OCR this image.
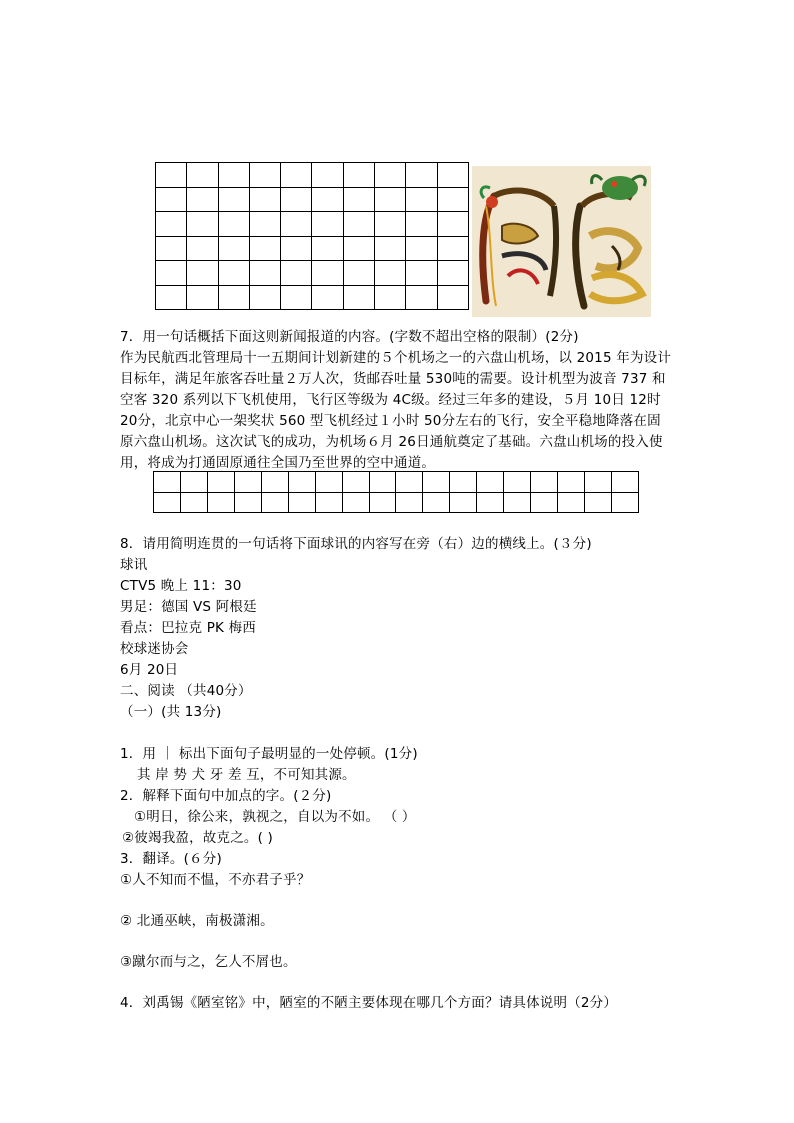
7．用一句话概括下面这则新闻报道的内容。(字数不超出空格的限制）(2分)
作为民航西北管理局十一五期间计划新建的５个机场之一的六盘山机场，以 2015 年为设计
目标年，满足年旅客吞吐量２万人次，货邮吞吐量 530吨的需要。设计机型为波音 737 和
空客 320 系列以下飞机使用，飞行区等级为 4C级。经过三年多的建设，５月 10日 12时
20分，北京中心一架奖状 560 型飞机经过１小时 50分左右的飞行，安全平稳地降落在固
原六盘山机场。这次试飞的成功，为机场６月 26日通航奠定了基础。六盘山机场的投入使
用，将成为打通固原通往全国乃至世界的空中通道。

8．请用简明连贯的一句话将下面球讯的内容写在旁（右）边的横线上。(３分)
球讯
CTV5 晚上 11：30
男足：德国 VS 阿根廷
看点：巴拉克 PK 梅西
校球迷协会
6月 20日
二、阅读 （共40分）
（一）(共 13分)
1．用 ｜ 标出下面句子最明显的一处停顿。(1分)
其 岸 势 犬 牙 差 互，不可知其源。
2．解释下面句中加点的字。(２分)
①明日，徐公来，孰视之，自以为不如。 （ ）
②彼竭我盈，故克之。( )
3．翻译。(６分)
①人不知而不愠，不亦君子乎？
② 北通巫峡，南极潇湘。
③蹴尔而与之，乞人不屑也。
4．刘禹锡《陋室铭》中，陋室的不陋主要体现在哪几个方面？请具体说明（2分）
